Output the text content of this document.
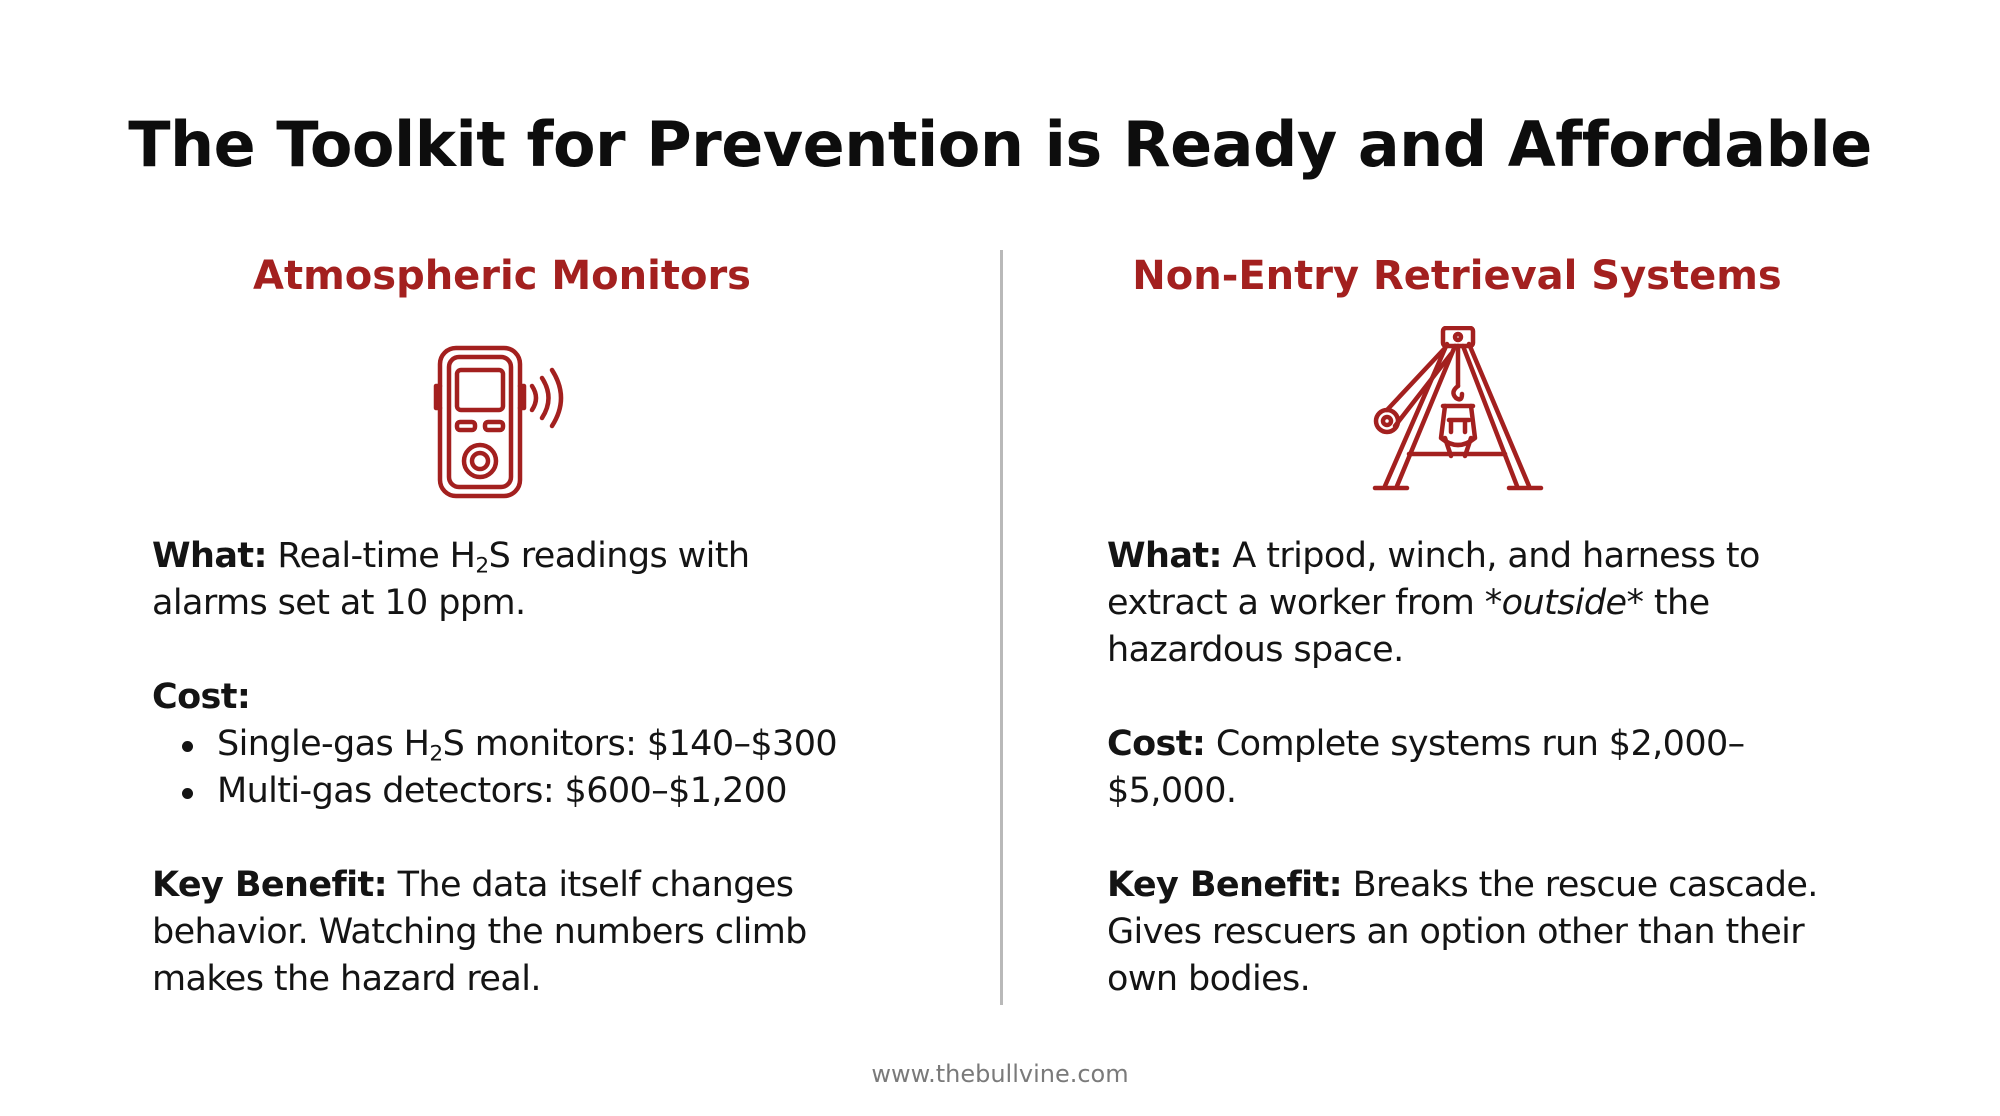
The Toolkit for Prevention is Ready and Affordable
Atmospheric Monitors
What: Real-time $H_2S$ readings with alarms set at 10 ppm.
Cost:
Single-gas $H_2S$ monitors: $140–$300
Multi-gas detectors: $600–$1,200
Key Benefit: The data itself changes behavior. Watching the numbers climb makes the hazard real.
Non-Entry Retrieval Systems
What: A tripod, winch, and harness to extract a worker from *outside* the hazardous space.
Cost: Complete systems run $2,000–$5,000.
Key Benefit: Breaks the rescue cascade. Gives rescuers an option other than their own bodies.
www.thebullvine.com
